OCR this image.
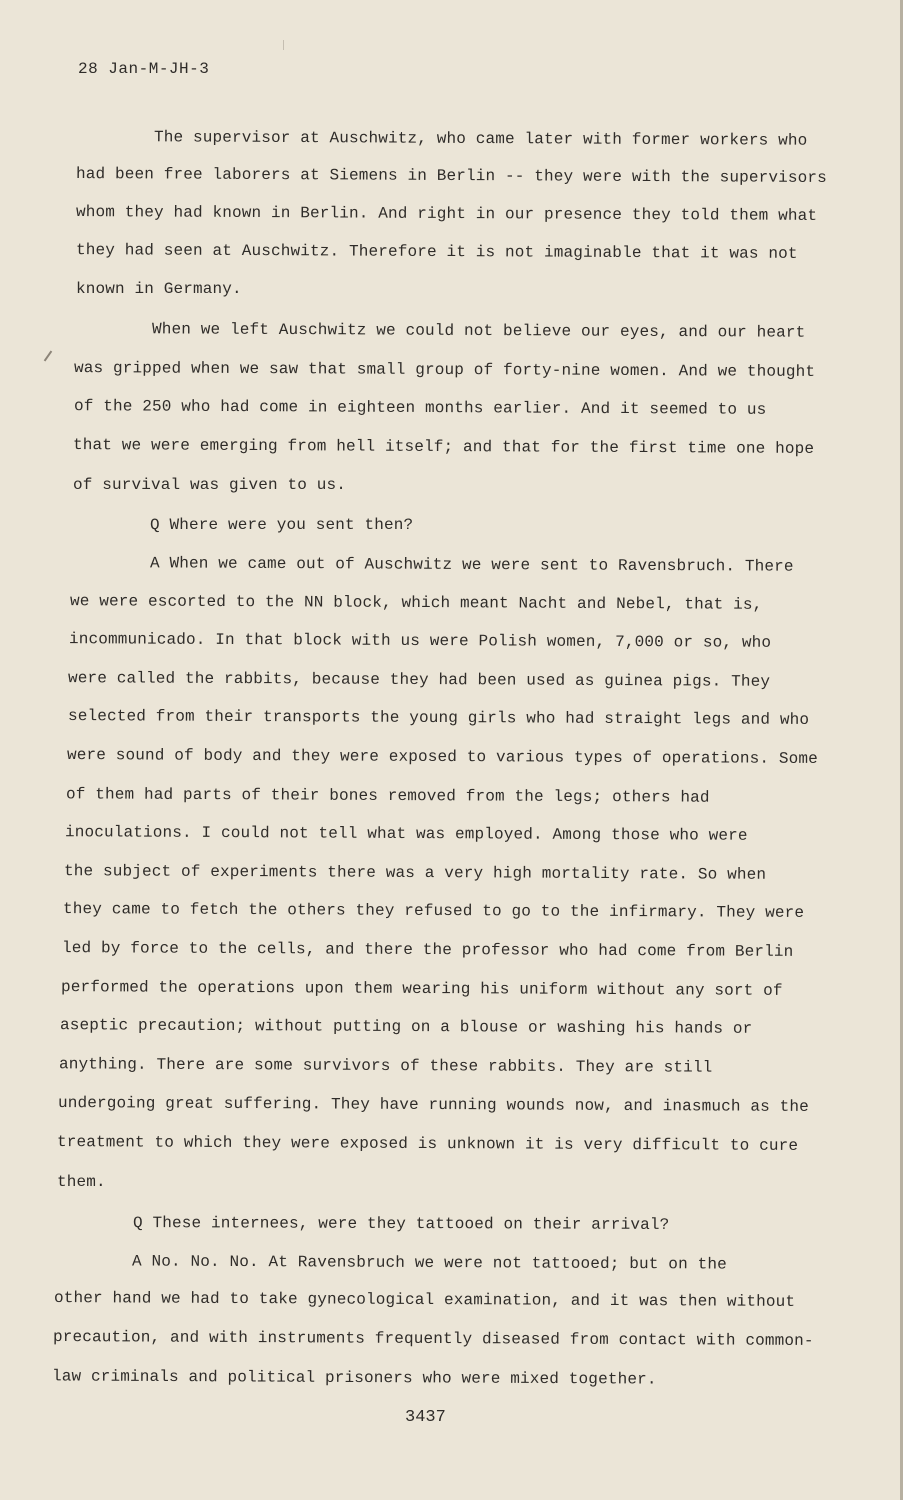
28 Jan-M-JH-3
The supervisor at Auschwitz, who came later with former workers who
had been free laborers at Siemens in Berlin -- they were with the supervisors
whom they had known in Berlin. And right in our presence they told them what
they had seen at Auschwitz. Therefore it is not imaginable that it was not
known in Germany.
When we left Auschwitz we could not believe our eyes, and our heart
was gripped when we saw that small group of forty-nine women. And we thought
of the 250 who had come in eighteen months earlier. And it seemed to us
that we were emerging from hell itself; and that for the first time one hope
of survival was given to us.
Q Where were you sent then?
A When we came out of Auschwitz we were sent to Ravensbruch. There
we were escorted to the NN block, which meant Nacht and Nebel, that is,
incommunicado. In that block with us were Polish women, 7,000 or so, who
were called the rabbits, because they had been used as guinea pigs. They
selected from their transports the young girls who had straight legs and who
were sound of body and they were exposed to various types of operations. Some
of them had parts of their bones removed from the legs; others had
inoculations. I could not tell what was employed. Among those who were
the subject of experiments there was a very high mortality rate. So when
they came to fetch the others they refused to go to the infirmary. They were
led by force to the cells, and there the professor who had come from Berlin
performed the operations upon them wearing his uniform without any sort of
aseptic precaution; without putting on a blouse or washing his hands or
anything. There are some survivors of these rabbits. They are still
undergoing great suffering. They have running wounds now, and inasmuch as the
treatment to which they were exposed is unknown it is very difficult to cure
them.
Q These internees, were they tattooed on their arrival?
A No. No. No. At Ravensbruch we were not tattooed; but on the
other hand we had to take gynecological examination, and it was then without
precaution, and with instruments frequently diseased from contact with common-
law criminals and political prisoners who were mixed together.
3437
